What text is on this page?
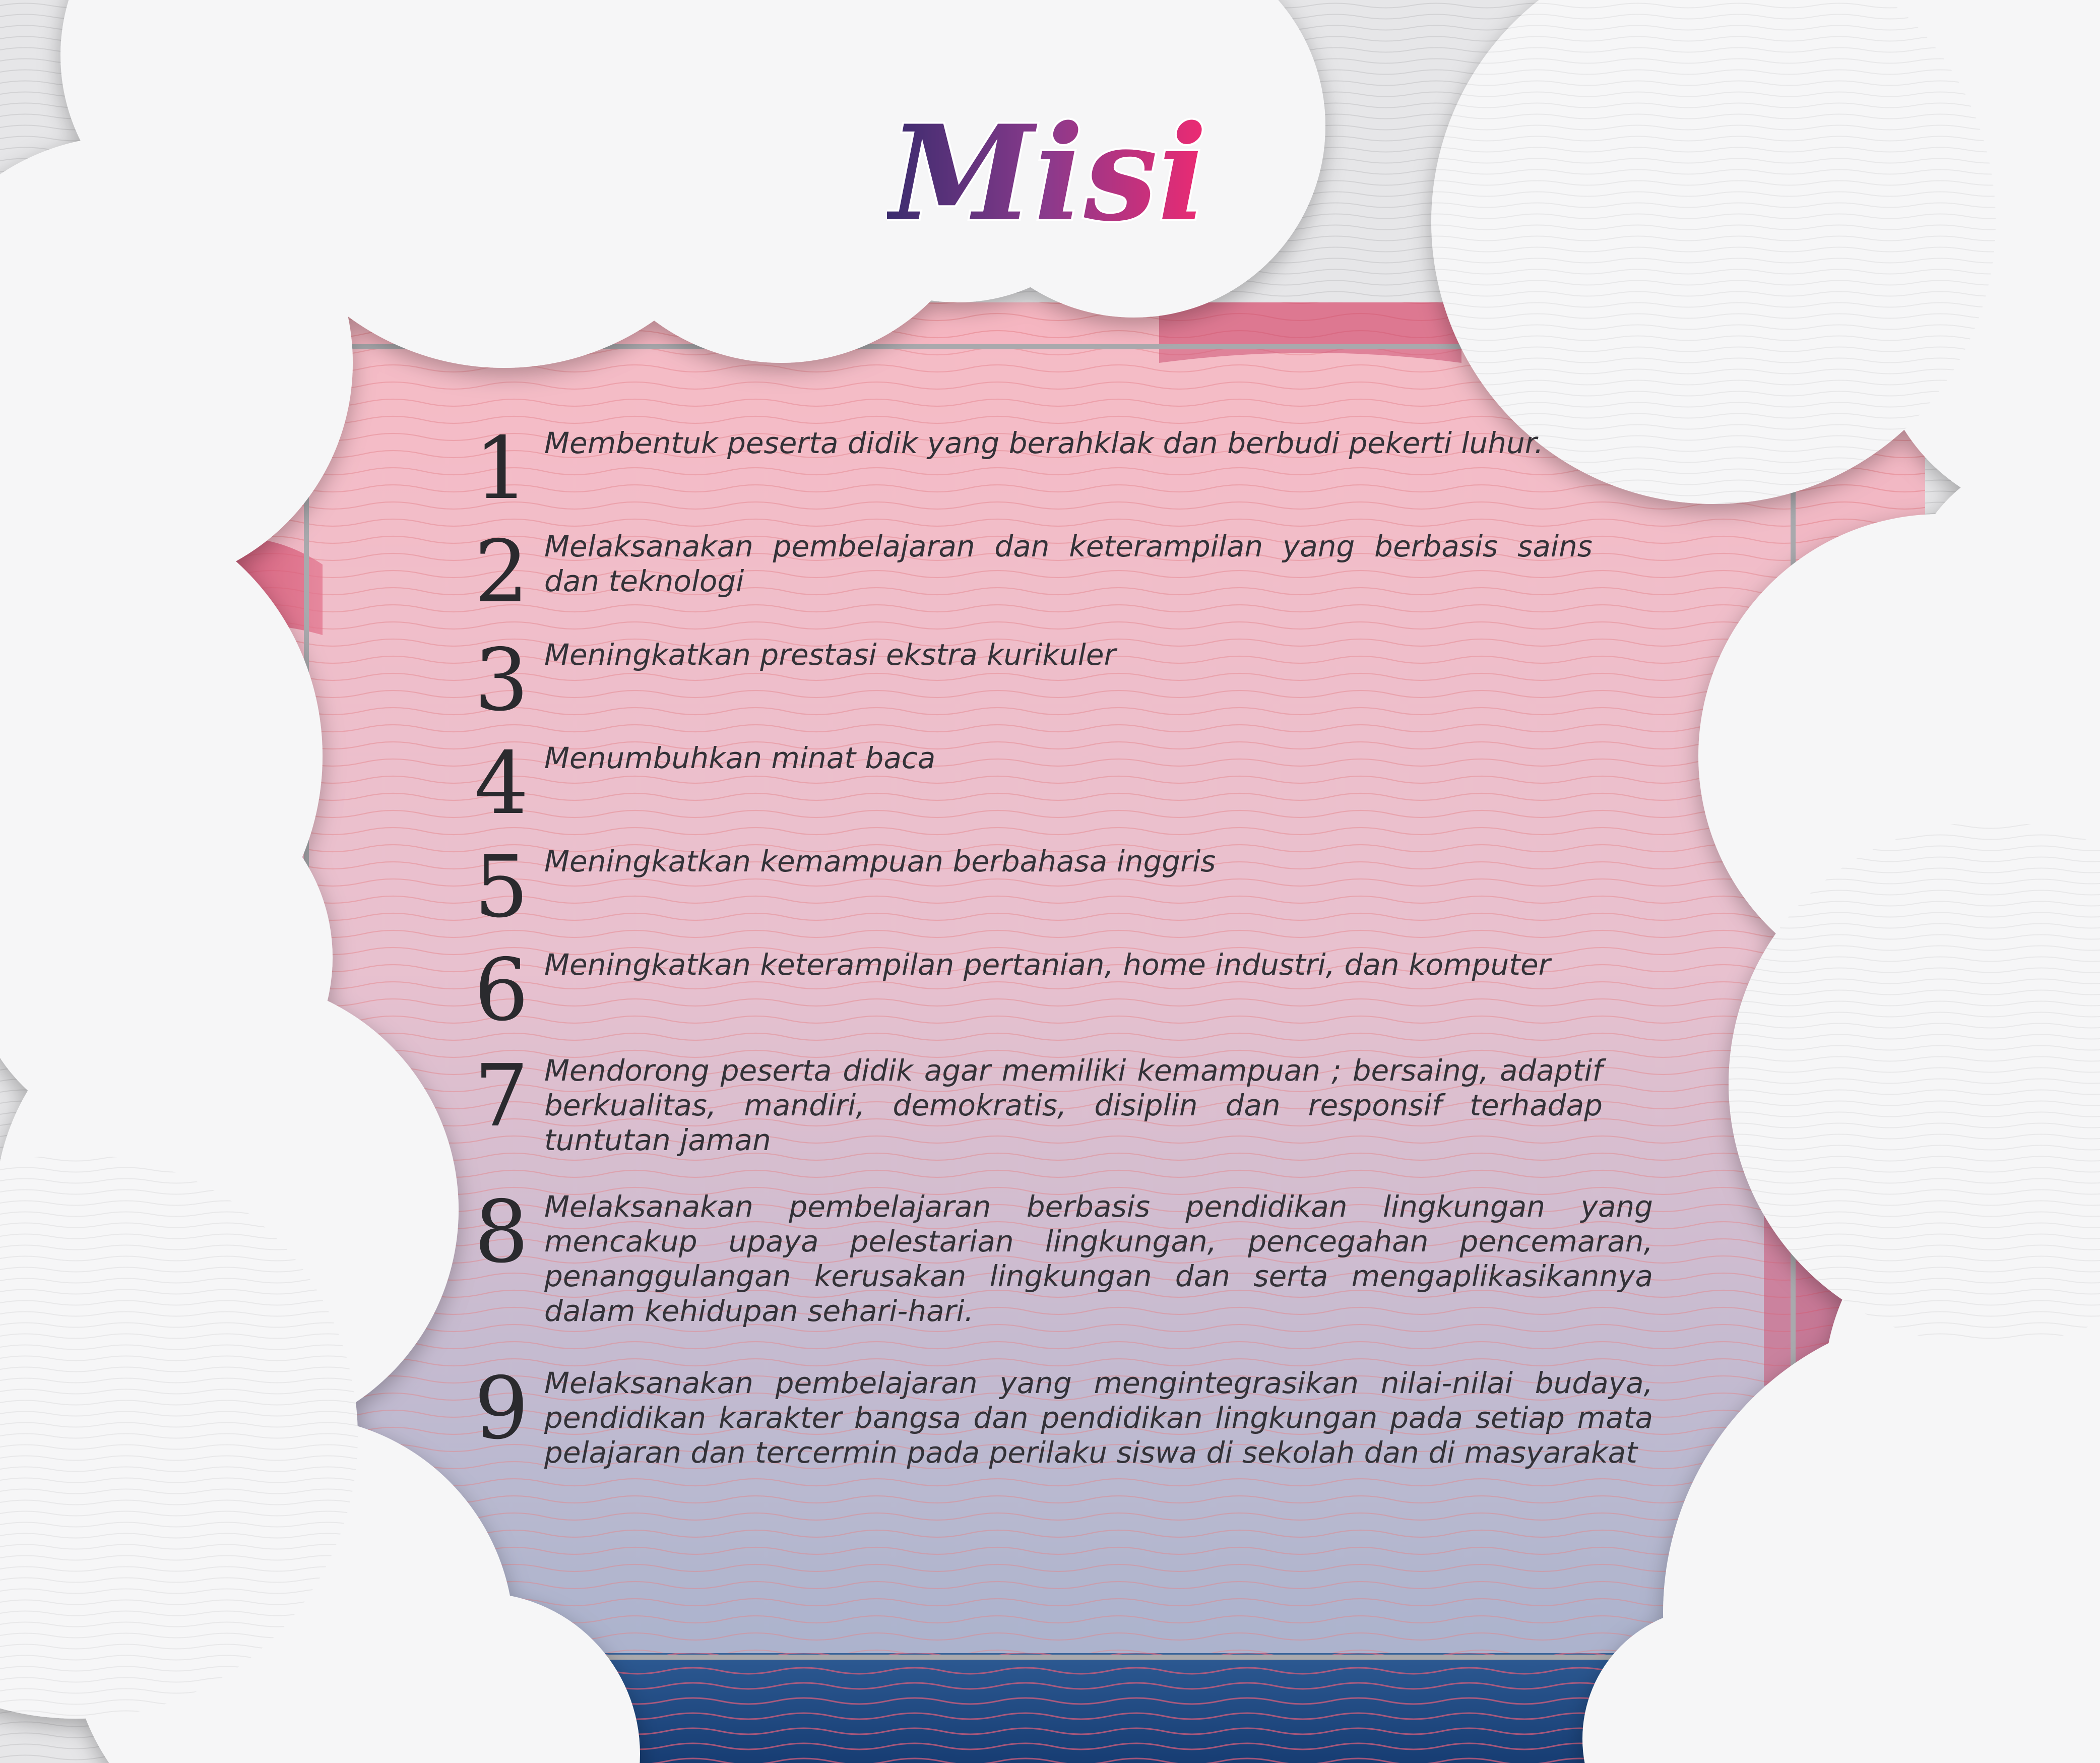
Misi
1 Membentuk peserta didik yang berahklak dan berbudi pekerti luhur.
2 Melaksanakan pembelajaran dan keterampilan yang berbasis sains dan teknologi
3 Meningkatkan prestasi ekstra kurikuler
4 Menumbuhkan minat baca
5 Meningkatkan kemampuan berbahasa inggris
6 Meningkatkan keterampilan pertanian, home industri, dan komputer
7 Mendorong peserta didik agar memiliki kemampuan ; bersaing, adaptif berkualitas, mandiri, demokratis, disiplin dan responsif terhadap tuntutan jaman
8 Melaksanakan pembelajaran berbasis pendidikan lingkungan yang mencakup upaya pelestarian lingkungan, pencegahan pencemaran, penanggulangan kerusakan lingkungan dan serta mengaplikasikannya dalam kehidupan sehari-hari.
9 Melaksanakan pembelajaran yang mengintegrasikan nilai-nilai budaya, pendidikan karakter bangsa dan pendidikan lingkungan pada setiap mata pelajaran dan tercermin pada perilaku siswa di sekolah dan di masyarakat
